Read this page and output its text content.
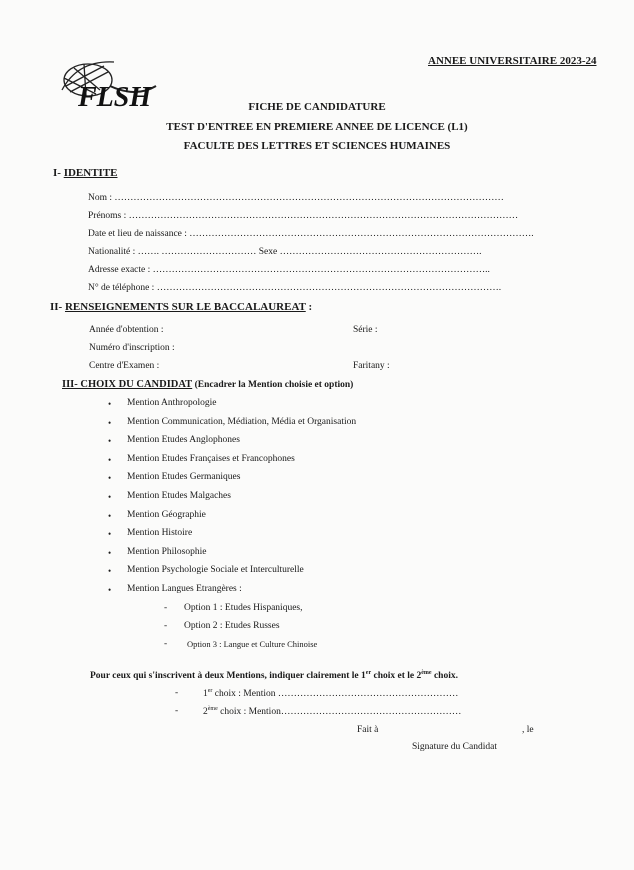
FLSH
ANNEE UNIVERSITAIRE 2023-24
FICHE DE CANDIDATURE
TEST D'ENTREE EN PREMIERE ANNEE DE LICENCE (L1)
FACULTE DES LETTRES ET SCIENCES HUMAINES
I- IDENTITE
Nom : ……………………………………………………………………………………………………………
Prénoms : ……………………………………………………………………………………………………………
Date et lieu de naissance : ……………………………………………………………………………………………….
Nationalité : ……. ………………………… Sexe ……………………………………………………….
Adresse exacte : ……………………………………………………………………………………………..
N° de téléphone : ……………………………………………………………………………………………….
II- RENSEIGNEMENTS SUR LE BACCALAUREAT :
Année d'obtention :	Série :
Numéro d'inscription :
Centre d'Examen :	Faritany :
III- CHOIX DU CANDIDAT (Encadrer la Mention choisie et option)
• Mention Anthropologie
• Mention Communication, Médiation, Média et Organisation
• Mention Etudes Anglophones
• Mention Etudes Françaises et Francophones
• Mention Etudes Germaniques
• Mention Etudes Malgaches
• Mention Géographie
• Mention Histoire
• Mention Philosophie
• Mention Psychologie Sociale et Interculturelle
• Mention Langues Etrangères :
- Option 1 : Etudes Hispaniques,
- Option 2 : Etudes Russes
- Option 3 : Langue et Culture Chinoise
Pour ceux qui s'inscrivent à deux Mentions, indiquer clairement le 1er choix et le 2ème choix.
-	1er choix : Mention …………………………………………………
-	2ème choix : Mention…………………………………………………
Fait à	, le
Signature du Candidat
